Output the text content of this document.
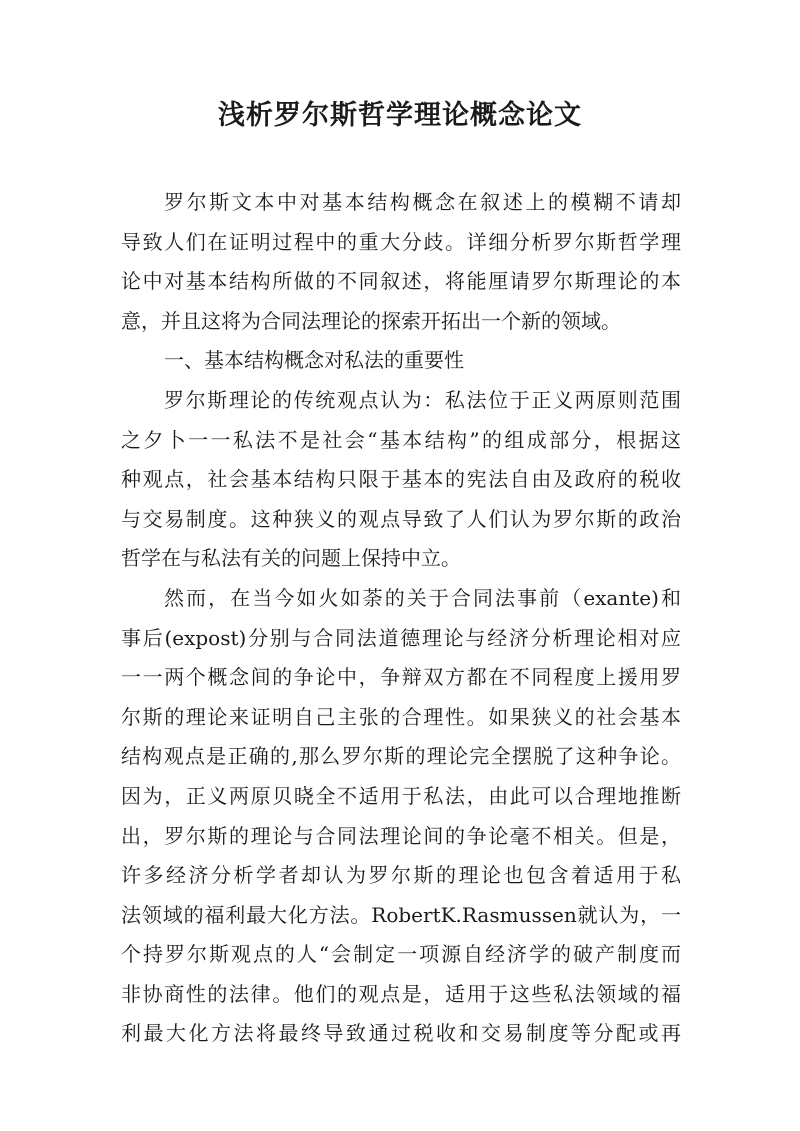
浅析罗尔斯哲学理论概念论文
罗尔斯文本中对基本结构概念在叙述上的模糊不请却
导致人们在证明过程中的重大分歧。详细分析罗尔斯哲学理
论中对基本结构所做的不同叙述，将能厘请罗尔斯理论的本
意，并且这将为合同法理论的探索开拓出一个新的领域。
一、基本结构概念对私法的重要性
罗尔斯理论的传统观点认为：私法位于正义两原则范围
之夕卜一一私法不是社会“基本结构”的组成部分，根据这
种观点，社会基本结构只限于基本的宪法自由及政府的税收
与交易制度。这种狭义的观点导致了人们认为罗尔斯的政治
哲学在与私法有关的问题上保持中立。
然而，在当今如火如荼的关于合同法事前（exante)和
事后(expost)分别与合同法道德理论与经济分析理论相对应
一一两个概念间的争论中，争辩双方都在不同程度上援用罗
尔斯的理论来证明自己主张的合理性。如果狭义的社会基本
结构观点是正确的,那么罗尔斯的理论完全摆脱了这种争论。
因为，正义两原贝晓全不适用于私法，由此可以合理地推断
出，罗尔斯的理论与合同法理论间的争论毫不相关。但是，
许多经济分析学者却认为罗尔斯的理论也包含着适用于私
法领域的福利最大化方法。RobertK.Rasmussen就认为，一
个持罗尔斯观点的人“会制定一项源自经济学的破产制度而
非协商性的法律。他们的观点是，适用于这些私法领域的福
利最大化方法将最终导致通过税收和交易制度等分配或再
